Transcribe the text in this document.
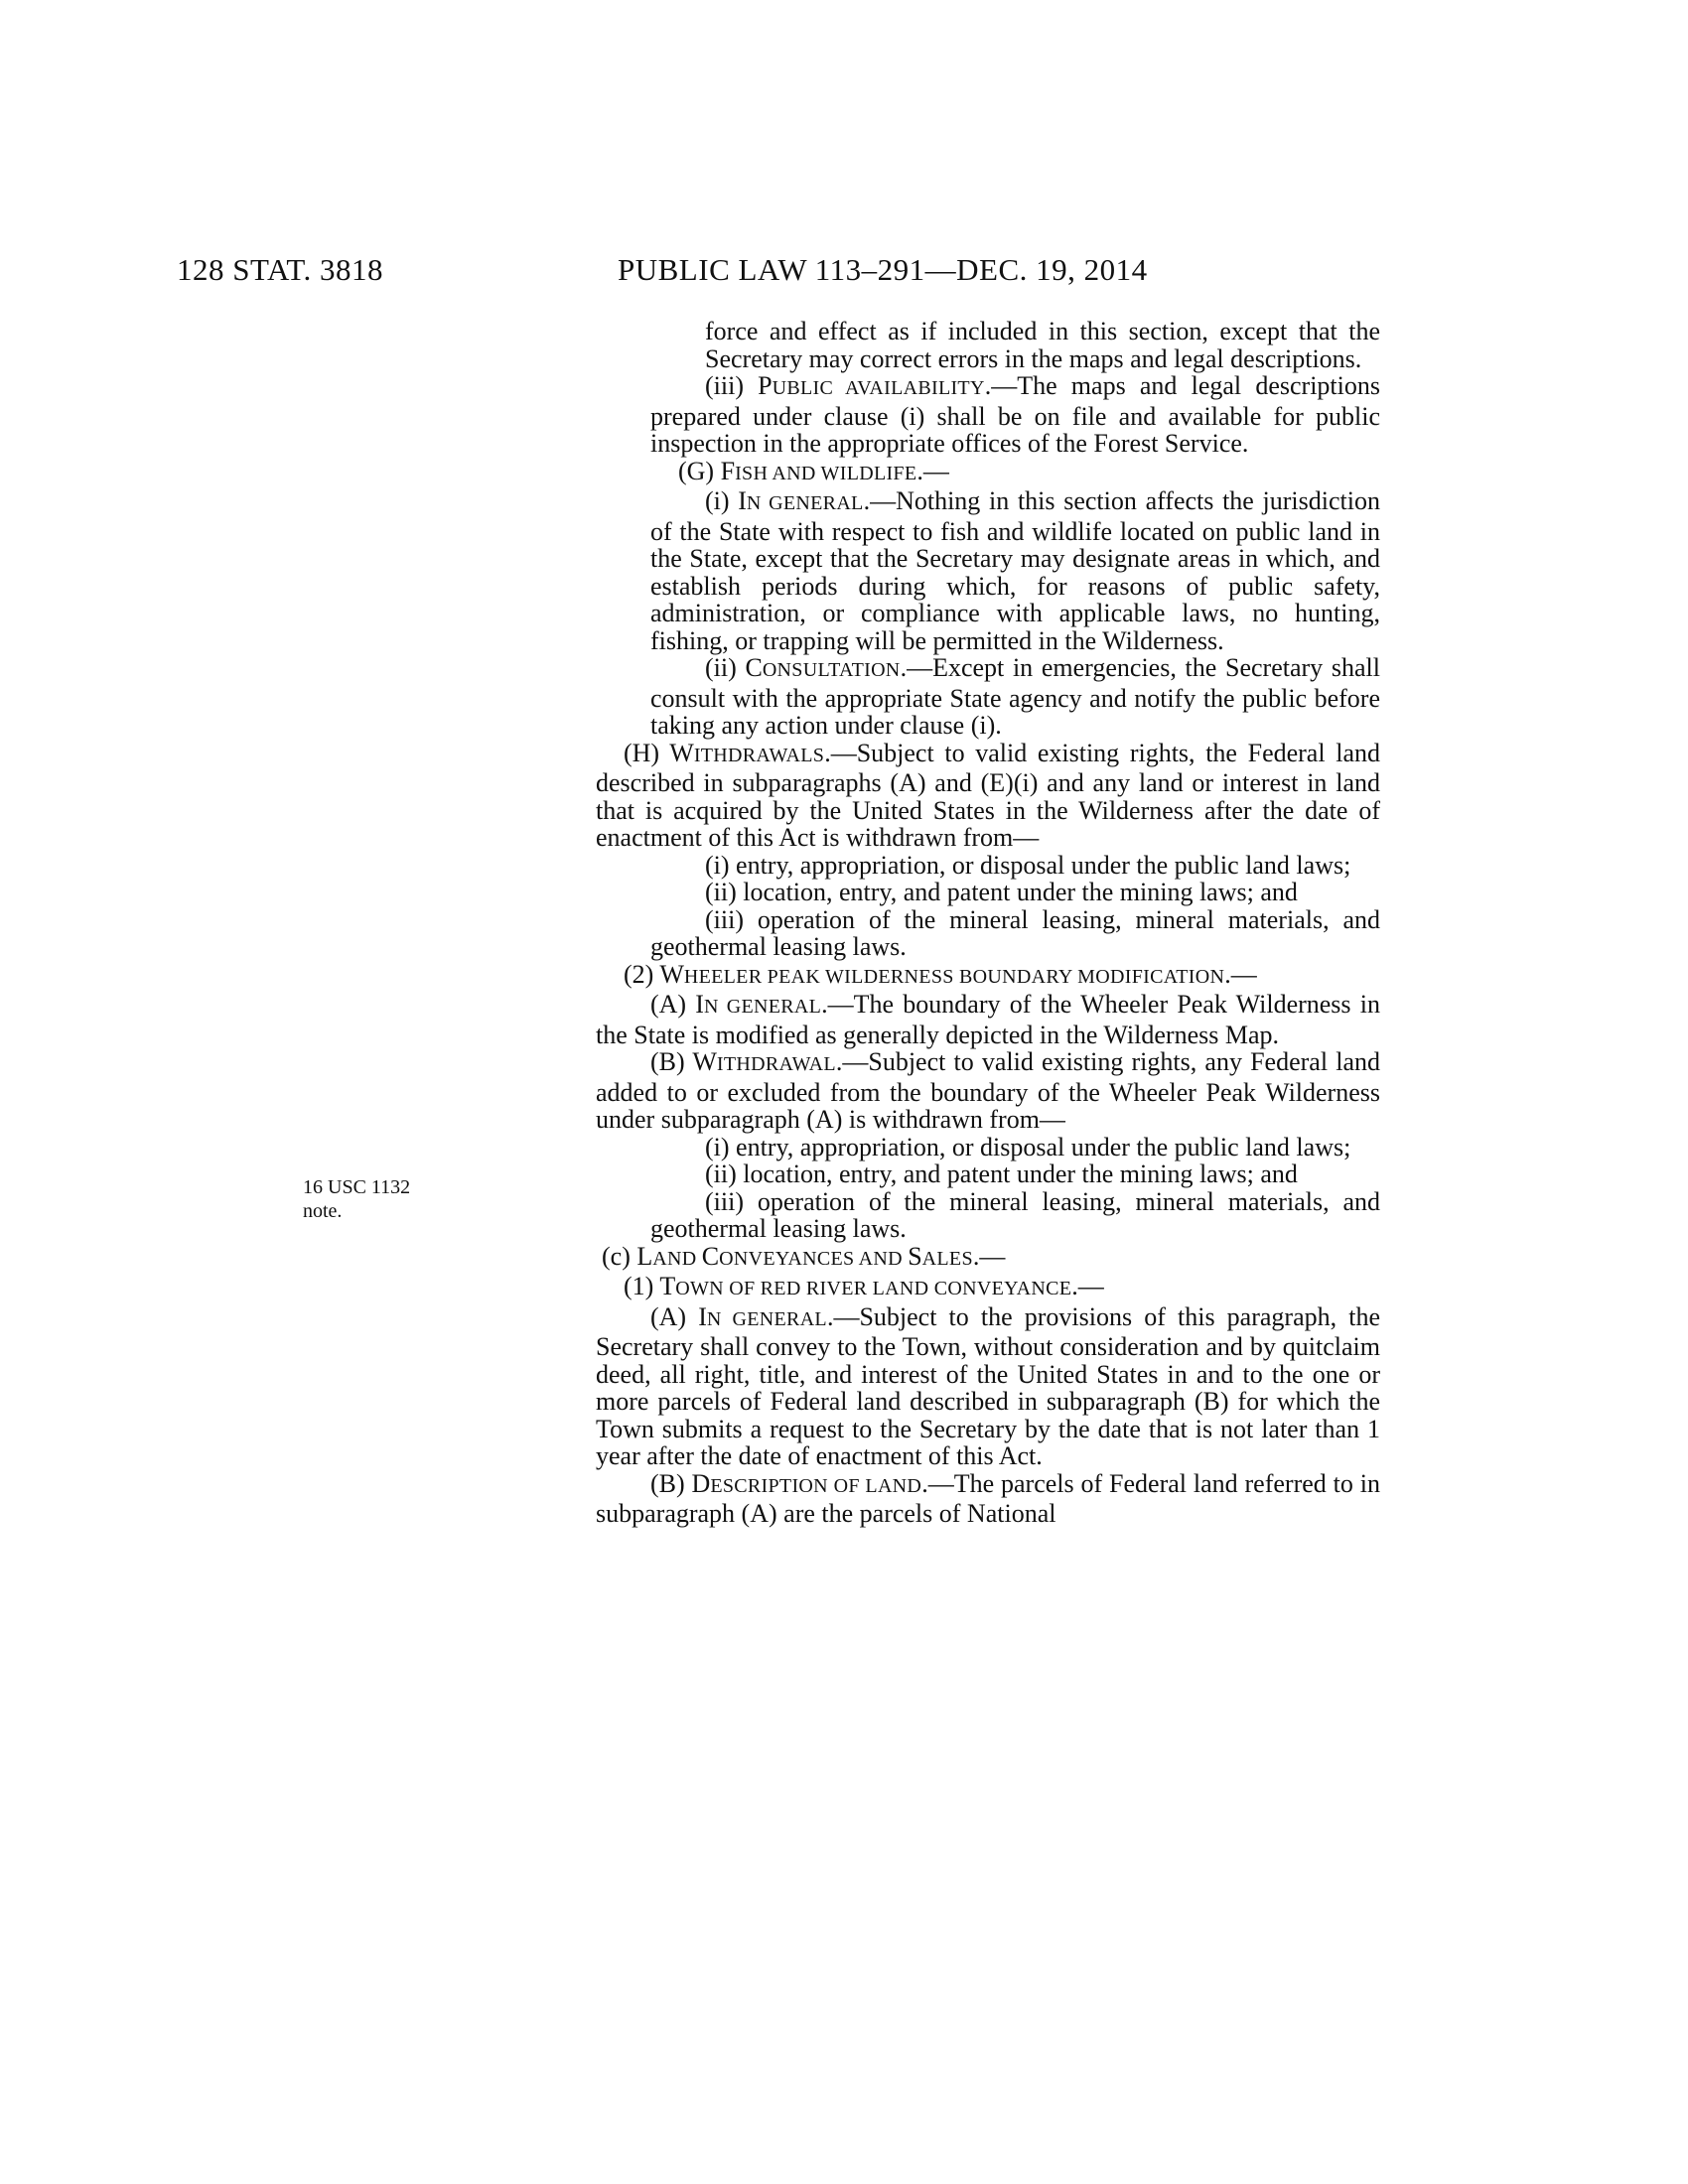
128 STAT. 3818	PUBLIC LAW 113–291—DEC. 19, 2014
16 USC 1132
note.

force and effect as if included in this section, except that the Secretary may correct errors in the maps and legal descriptions.

(iii) PUBLIC AVAILABILITY.—The maps and legal descriptions prepared under clause (i) shall be on file and available for public inspection in the appropriate offices of the Forest Service.

(G) FISH AND WILDLIFE.—

(i) IN GENERAL.—Nothing in this section affects the jurisdiction of the State with respect to fish and wildlife located on public land in the State, except that the Secretary may designate areas in which, and establish periods during which, for reasons of public safety, administration, or compliance with applicable laws, no hunting, fishing, or trapping will be permitted in the Wilderness.

(ii) CONSULTATION.—Except in emergencies, the Secretary shall consult with the appropriate State agency and notify the public before taking any action under clause (i).

(H) WITHDRAWALS.—Subject to valid existing rights, the Federal land described in subparagraphs (A) and (E)(i) and any land or interest in land that is acquired by the United States in the Wilderness after the date of enactment of this Act is withdrawn from—

(i) entry, appropriation, or disposal under the public land laws;

(ii) location, entry, and patent under the mining laws; and

(iii) operation of the mineral leasing, mineral materials, and geothermal leasing laws.

(2) WHEELER PEAK WILDERNESS BOUNDARY MODIFICATION.—

(A) IN GENERAL.—The boundary of the Wheeler Peak Wilderness in the State is modified as generally depicted in the Wilderness Map.

(B) WITHDRAWAL.—Subject to valid existing rights, any Federal land added to or excluded from the boundary of the Wheeler Peak Wilderness under subparagraph (A) is withdrawn from—

(i) entry, appropriation, or disposal under the public land laws;

(ii) location, entry, and patent under the mining laws; and

(iii) operation of the mineral leasing, mineral materials, and geothermal leasing laws.

(c) LAND CONVEYANCES AND SALES.—

(1) TOWN OF RED RIVER LAND CONVEYANCE.—

(A) IN GENERAL.—Subject to the provisions of this paragraph, the Secretary shall convey to the Town, without consideration and by quitclaim deed, all right, title, and interest of the United States in and to the one or more parcels of Federal land described in subparagraph (B) for which the Town submits a request to the Secretary by the date that is not later than 1 year after the date of enactment of this Act.

(B) DESCRIPTION OF LAND.—The parcels of Federal land referred to in subparagraph (A) are the parcels of National
